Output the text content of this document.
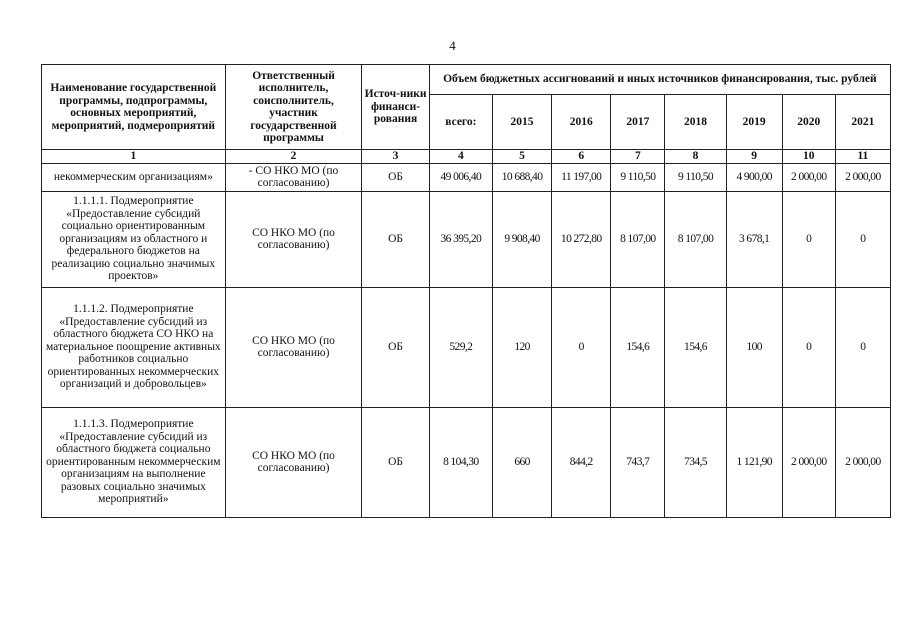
4
Наименование государственной программы, подпрограммы, основных мероприятий, мероприятий, подмероприятий	Ответственный исполнитель, соисполнитель, участник государственной программы	Источ-ники финанси-рования	Объем бюджетных ассигнований и иных источников финансирования, тыс. рублей							
			всего:	2015	2016	2017	2018	2019	2020	2021
1	2	3	4	5	6	7	8	9	10	11
некоммерческим организациям»	- СО НКО МО (по согласованию)	ОБ	49 006,40	10 688,40	11 197,00	9 110,50	9 110,50	4 900,00	2 000,00	2 000,00
1.1.1.1. Подмероприятие «Предоставление субсидий социально ориентированным организациям из областного и федерального бюджетов на реализацию социально значимых проектов»	СО НКО МО (по согласованию)	ОБ	36 395,20	9 908,40	10 272,80	8 107,00	8 107,00	3 678,1	0	0
1.1.1.2. Подмероприятие «Предоставление субсидий из областного бюджета СО НКО на материальное поощрение активных работников социально ориентированных некоммерческих организаций и добровольцев»	СО НКО МО (по согласованию)	ОБ	529,2	120	0	154,6	154,6	100	0	0
1.1.1.3. Подмероприятие «Предоставление субсидий из областного бюджета социально ориентированным некоммерческим организациям на выполнение разовых социально значимых мероприятий»	СО НКО МО (по согласованию)	ОБ	8 104,30	660	844,2	743,7	734,5	1 121,90	2 000,00	2 000,00
